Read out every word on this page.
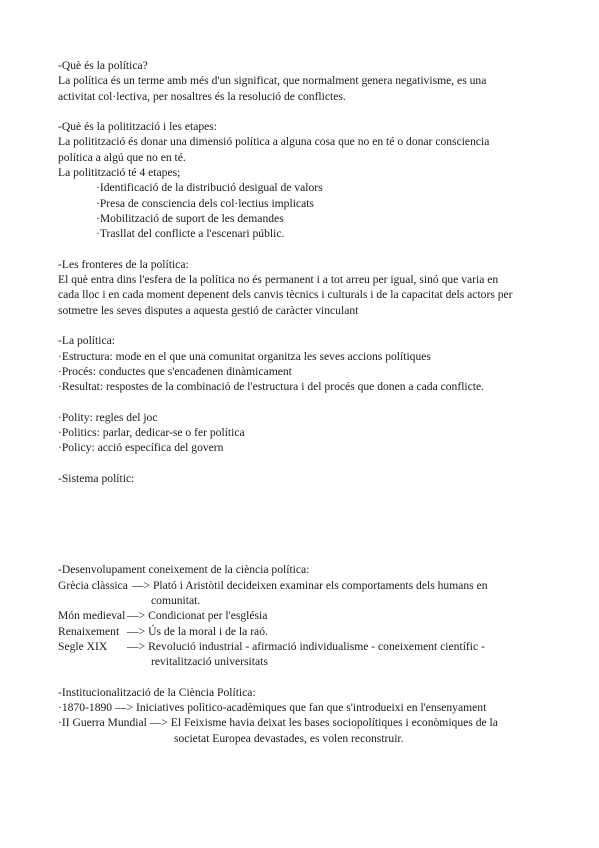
-Què és la política?
La política és un terme amb més d'un significat, que normalment genera negativisme, es una
activitat col·lectiva, per nosaltres és la resolució de conflictes.
-Què és la politització i les etapes:
La politització és donar una dimensió política a alguna cosa que no en té o donar consciencia
política a algú que no en té.
La politització té 4 etapes;
·Identificació de la distribució desigual de valors
·Presa de consciencia dels col·lectius implicats
·Mobilització de suport de les demandes
·Trasllat del conflicte a l'escenari públic.
-Les fronteres de la política:
El què entra dins l'esfera de la política no és permanent i a tot arreu per igual, sinó que varia en
cada lloc i en cada moment depenent dels canvis tècnics i culturals i de la capacitat dels actors per
sotmetre les seves disputes a aquesta gestió de caràcter vinculant
-La política:
·Estructura: mode en el que una comunitat organitza les seves accions polítiques
·Procés: conductes que s'encadenen dinàmicament
·Resultat: respostes de la combinació de l'estructura i del procés que donen a cada conflicte.
·Polity: regles del joc
·Politics: parlar, dedicar-se o fer política
·Policy: acció específica del govern
-Sistema polític:
-Desenvolupament coneixement de la ciència política:
Grècia clàssica —> Plató i Aristòtil decideixen examinar els comportaments dels humans en
comunitat.
Món medieval —> Condicionat per l'església
Renaixement —> Ús de la moral i de la raó.
Segle XIX	—> Revolució industrial - afirmació individualisme - coneixement científic -
revitalització universitats
-Institucionalització de la Ciència Política:
·1870-1890 —> Iniciatives polìtico-acadèmiques que fan que s'introdueixi en l'ensenyament
·II Guerra Mundial —> El Feixisme havia deixat les bases sociopolítiques i econòmiques de la
societat Europea devastades, es volen reconstruir.
